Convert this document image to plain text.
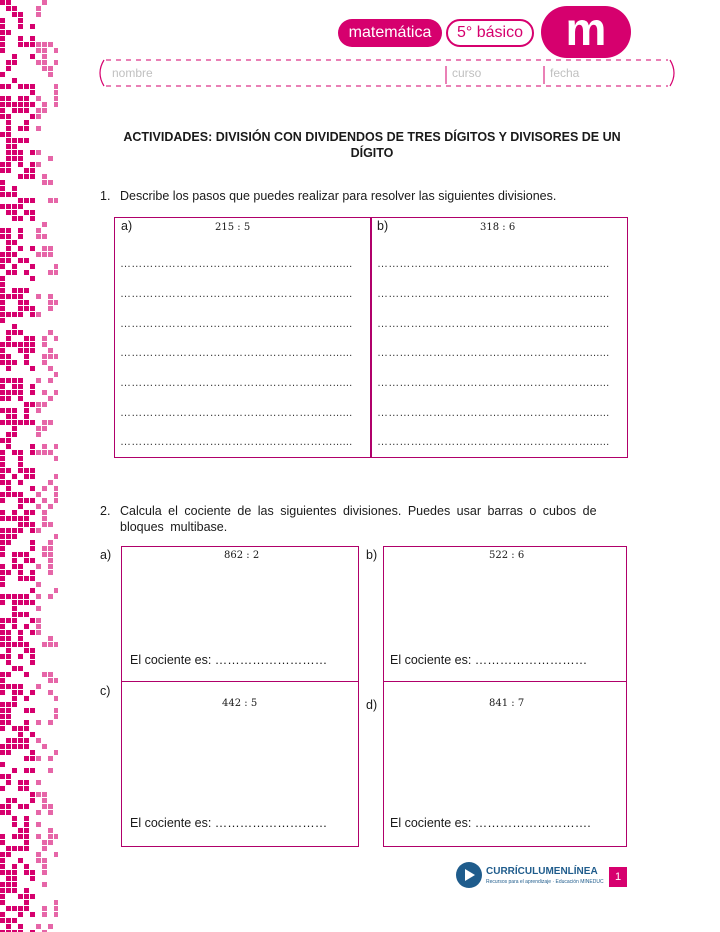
matemática	5° básico m
nombre	curso	fecha
ACTIVIDADES: DIVISIÓN CON DIVIDENDOS DE TRES DÍGITOS Y DIVISORES DE UN
DÍGITO
1. Describe los pasos que puedes realizar para resolver las siguientes divisiones.
a)	215 : 5	b)	318 : 6
…………………………………………………...... …………………………………………………......
…………………………………………………...... …………………………………………………......
…………………………………………………...... …………………………………………………......
…………………………………………………...... …………………………………………………......
…………………………………………………...... …………………………………………………......
…………………………………………………...... …………………………………………………......
…………………………………………………...... …………………………………………………......
2. Calcula el cociente de las siguientes divisiones. Puedes usar barras o cubos de
bloques multibase.
a)	862 : 2
El cociente es: ………………………
b)	522 : 6
El cociente es: ………………………
c)
442 : 5
El cociente es: ………………………
d)	841 : 7
El cociente es: ……………………….
CURRÍCULUMENLÍNEA
Recursos para el aprendizaje · Educación MINEDUC	1
